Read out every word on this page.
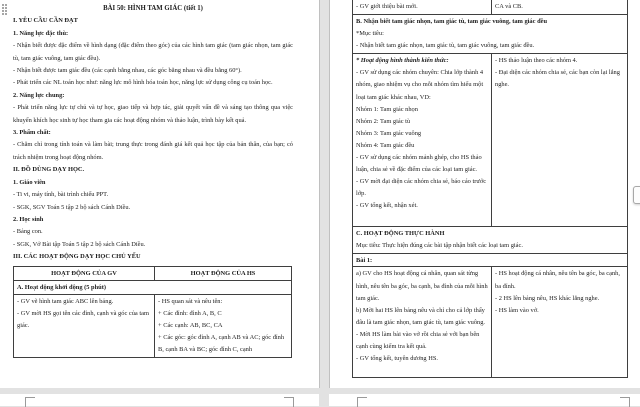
BÀI 50: HÌNH TAM GIÁC (tiết 1)

I. YÊU CẦU CẦN ĐẠT

1. Năng lực đặc thù:

- Nhận biết được đặc điểm về hình dạng (đặc điểm theo góc) của các hình tam giác (tam giác nhọn, tam giác tù, tam giác vuông, tam giác đều).

- Nhận biết được tam giác đều (các cạnh bằng nhau, các góc bằng nhau và đều bằng 60°).

- Phát triển các NL toán học như: năng lực mô hình hóa toán học, năng lực sử dụng công cụ toán học.

2. Năng lực chung:

- Phát triển năng lực tự chủ và tự học, giao tiếp và hợp tác, giải quyết vấn đề và sáng tạo thông qua việc khuyến khích học sinh tự học tham gia các hoạt động nhóm và thảo luận, trình bày kết quả.

3. Phẩm chất:

- Chăm chỉ trong tính toán và làm bài; trung thực trong đánh giá kết quả học tập của bản thân, của bạn; có trách nhiệm trong hoạt động nhóm.

II. ĐỒ DÙNG DẠY HỌC.

1. Giáo viên

- Ti vi, máy tính, bài trình chiếu PPT.

- SGK, SGV Toán 5 tập 2 bộ sách Cánh Diều.

2. Học sinh

- Bảng con.

- SGK, Vở Bài tập Toán 5 tập 2 bộ sách Cánh Diều.

III. CÁC HOẠT ĐỘNG DẠY HỌC CHỦ YẾU

HOẠT ĐỘNG CỦA GV	HOẠT ĐỘNG CỦA HS
A. Hoạt động khởi động (5 phút)

- GV vẽ hình tam giác ABC lên bảng.

- GV mời HS gọi tên các đỉnh, cạnh và góc của tam giác.

- HS quan sát và nêu tên:

+ Các đỉnh: đỉnh A, B, C

+ Các cạnh: AB, BC, CA

+ Các góc: góc đỉnh A, cạnh AB và AC; góc đỉnh B, cạnh BA và BC; góc đỉnh C, cạnh

- GV giới thiệu bài mới.	CA và CB.

B. Nhận biết tam giác nhọn, tam giác tù, tam giác vuông, tam giác đều

*Mục tiêu:

- Nhận biết tam giác nhọn, tam giác tù, tam giác vuông, tam giác đều.

* Hoạt động hình thành kiến thức:

- GV sử dụng các nhóm chuyên: Chia lớp thành 4 nhóm, giao nhiệm vụ cho mỗi nhóm tìm hiểu một loại tam giác khác nhau, VD:

Nhóm 1: Tam giác nhọn

Nhóm 2: Tam giác tù

Nhóm 3: Tam giác vuông

Nhóm 4: Tam giác đều

- GV sử dụng các nhóm mảnh ghép, cho HS thảo luận, chia sẻ về đặc điểm của các loại tam giác.

- GV mời đại diện các nhóm chia sẻ, báo cáo trước lớp.

- GV tổng kết, nhận xét.

- HS thảo luận theo các nhóm 4.

- Đại diện các nhóm chia sẻ, các bạn còn lại lắng nghe.

C. HOẠT ĐỘNG THỰC HÀNH

Mục tiêu: Thực hiện đúng các bài tập nhận biết các loại tam giác.

Bài 1:

a) GV cho HS hoạt động cá nhân, quan sát từng hình, nêu tên ba góc, ba cạnh, ba đỉnh của mỗi hình tam giác.

b) Mời hai HS lên bảng nêu và chỉ cho cả lớp thấy đâu là tam giác nhọn, tam giác tù, tam giác vuông.

- Mời HS làm bài vào vở rồi chia sẻ với bạn bên cạnh cùng kiểm tra kết quả.

- GV tổng kết, tuyên dương HS.

- HS hoạt động cá nhân, nêu tên ba góc, ba cạnh, ba đỉnh.

- 2 HS lên bảng nêu, HS khác lắng nghe.

- HS làm vào vở.
